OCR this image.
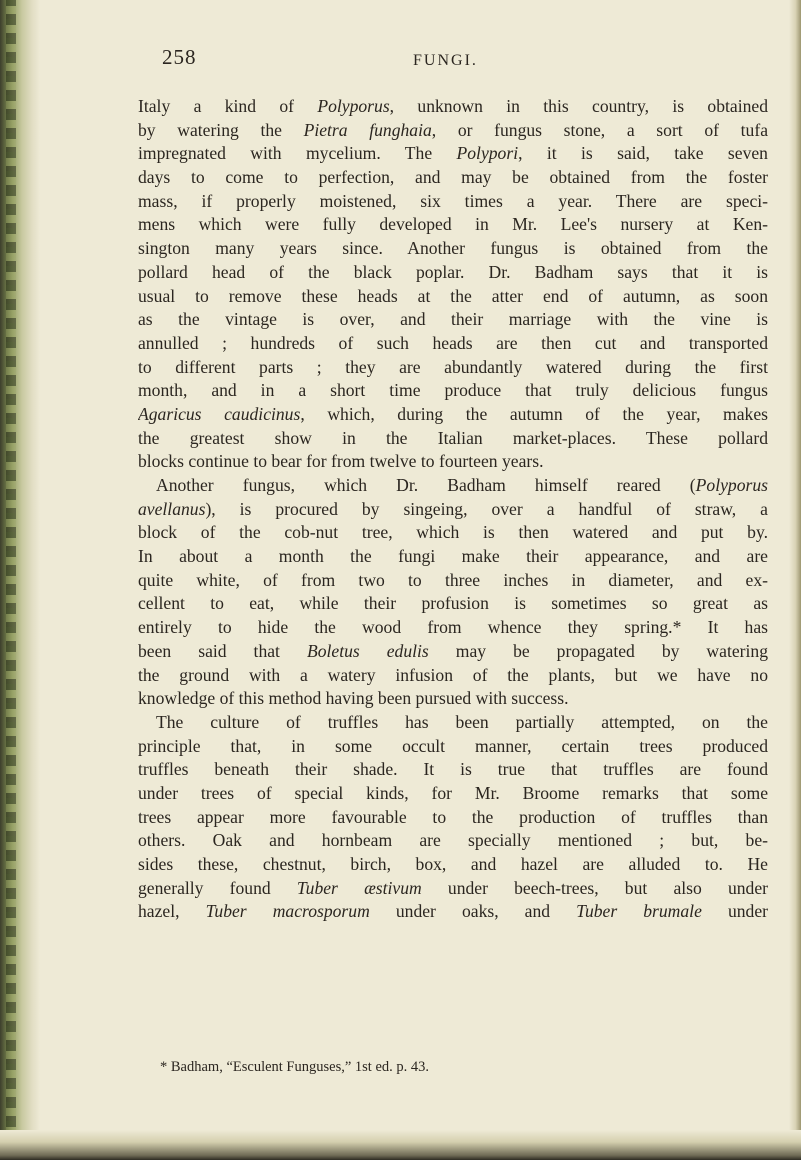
258	FUNGI.
Italy a kind of Polyporus, unknown in this country, is obtained
by watering the Pietra funghaia, or fungus stone, a sort of tufa
impregnated with mycelium. The Polypori, it is said, take seven
days to come to perfection, and may be obtained from the foster
mass, if properly moistened, six times a year. There are speci-
mens which were fully developed in Mr. Lee's nursery at Ken-
sington many years since. Another fungus is obtained from the
pollard head of the black poplar. Dr. Badham says that it is
usual to remove these heads at the atter end of autumn, as soon
as the vintage is over, and their marriage with the vine is
annulled ; hundreds of such heads are then cut and transported
to different parts ; they are abundantly watered during the first
month, and in a short time produce that truly delicious fungus
Agaricus caudicinus, which, during the autumn of the year, makes
the greatest show in the Italian market-places. These pollard
blocks continue to bear for from twelve to fourteen years.
Another fungus, which Dr. Badham himself reared (Polyporus
avellanus), is procured by singeing, over a handful of straw, a
block of the cob-nut tree, which is then watered and put by.
In about a month the fungi make their appearance, and are
quite white, of from two to three inches in diameter, and ex-
cellent to eat, while their profusion is sometimes so great as
entirely to hide the wood from whence they spring.* It has
been said that Boletus edulis may be propagated by watering
the ground with a watery infusion of the plants, but we have no
knowledge of this method having been pursued with success.
The culture of truffles has been partially attempted, on the
principle that, in some occult manner, certain trees produced
truffles beneath their shade. It is true that truffles are found
under trees of special kinds, for Mr. Broome remarks that some
trees appear more favourable to the production of truffles than
others. Oak and hornbeam are specially mentioned ; but, be-
sides these, chestnut, birch, box, and hazel are alluded to. He
generally found Tuber æstivum under beech-trees, but also under
hazel, Tuber macrosporum under oaks, and Tuber brumale under
* Badham, “Esculent Funguses,” 1st ed. p. 43.
